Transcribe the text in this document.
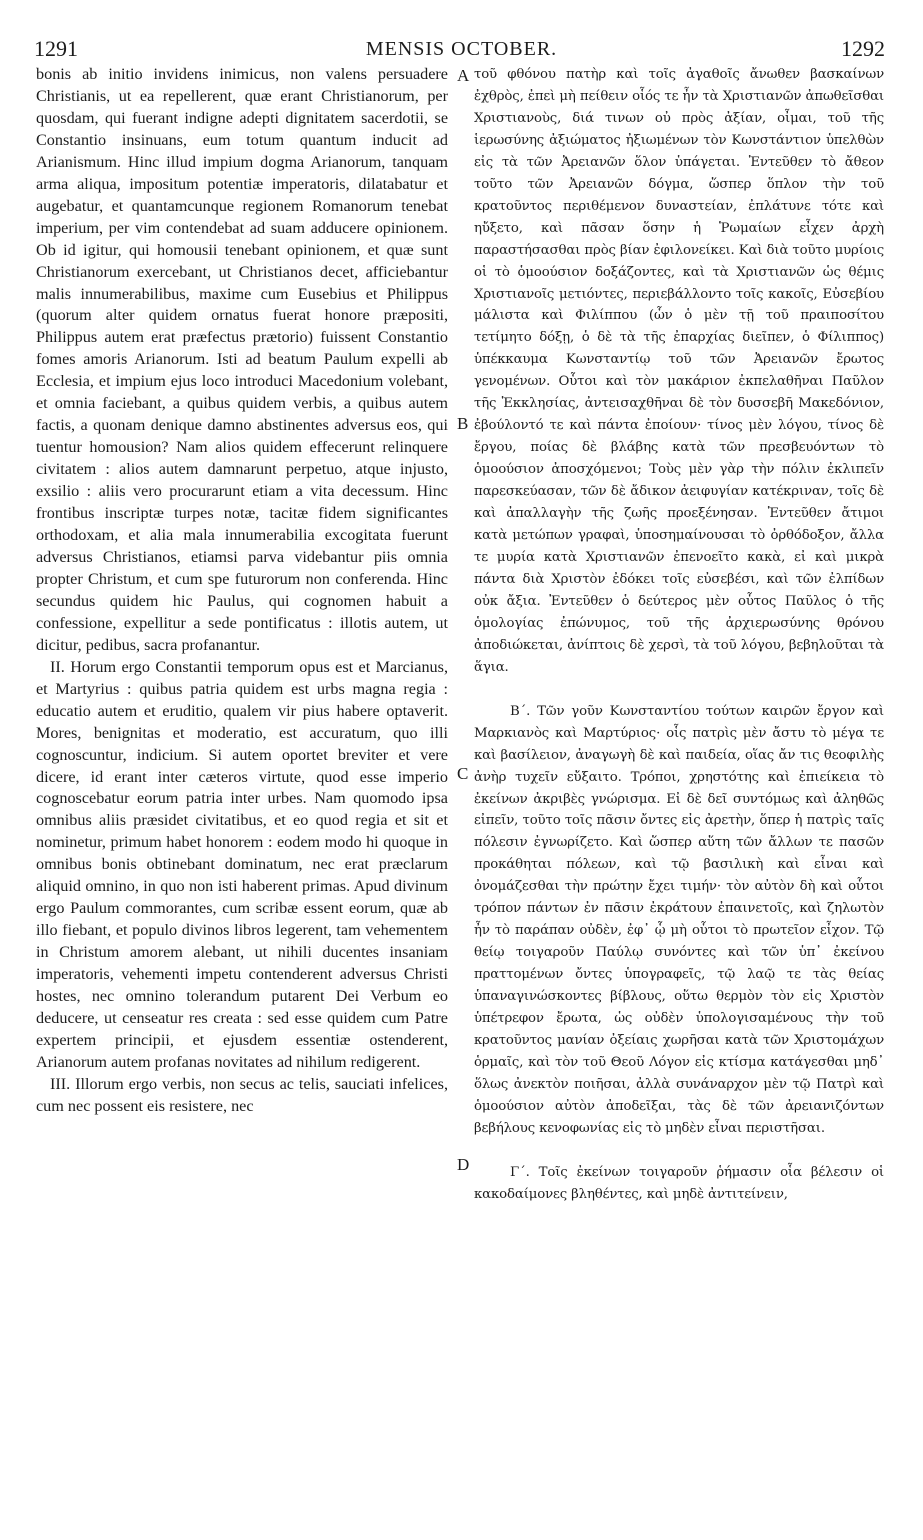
1291	MENSIS OCTOBER.	1292

bonis ab initio invidens inimicus, non valens persuadere Christianis, ut ea repellerent, quæ erant Christianorum, per quosdam, qui fuerant indigne adepti dignitatem sacerdotii, se Constantio insinuans, eum totum quantum inducit ad Arianismum. Hinc illud impium dogma Arianorum, tanquam arma aliqua, impositum potentiæ imperatoris, dilatabatur et augebatur, et quantamcunque regionem Romanorum tenebat imperium, per vim contendebat ad suam adducere opinionem. Ob id igitur, qui homousii tenebant opinionem, et quæ sunt Christianorum exercebant, ut Christianos decet, afficiebantur malis innumerabilibus, maxime cum Eusebius et Philippus (quorum alter quidem ornatus fuerat honore præpositi, Philippus autem erat præfectus prætorio) fuissent Constantio fomes amoris Arianorum. Isti ad beatum Paulum expelli ab Ecclesia, et impium ejus loco introduci Macedonium volebant, et omnia faciebant, a quibus quidem verbis, a quibus autem factis, a quonam denique damno abstinentes adversus eos, qui tuentur homousion? Nam alios quidem effecerunt relinquere civitatem : alios autem damnarunt perpetuo, atque injusto, exsilio : aliis vero procurarunt etiam a vita decessum. Hinc frontibus inscriptæ turpes notæ, tacitæ fidem significantes orthodoxam, et alia mala innumerabilia excogitata fuerunt adversus Christianos, etiamsi parva videbantur piis omnia propter Christum, et cum spe futurorum non conferenda. Hinc secundus quidem hic Paulus, qui cognomen habuit a confessione, expellitur a sede pontificatus : illotis autem, ut dicitur, pedibus, sacra profanantur.

II. Horum ergo Constantii temporum opus est et Marcianus, et Martyrius : quibus patria quidem est urbs magna regia : educatio autem et eruditio, qualem vir pius habere optaverit. Mores, benignitas et moderatio, est accuratum, quo illi cognoscuntur, indicium. Si autem oportet breviter et vere dicere, id erant inter cæteros virtute, quod esse imperio cognoscebatur eorum patria inter urbes. Nam quomodo ipsa omnibus aliis præsidet civitatibus, et eo quod regia et sit et nominetur, primum habet honorem : eodem modo hi quoque in omnibus bonis obtinebant dominatum, nec erat præclarum aliquid omnino, in quo non isti haberent primas. Apud divinum ergo Paulum commorantes, cum scribæ essent eorum, quæ ab illo fiebant, et populo divinos libros legerent, tam vehementem in Christum amorem alebant, ut nihili ducentes insaniam imperatoris, vehementi impetu contenderent adversus Christi hostes, nec omnino tolerandum putarent Dei Verbum eo deducere, ut censeatur res creata : sed esse quidem cum Patre expertem principii, et ejusdem essentiæ ostenderent, Arianorum autem profanas novitates ad nihilum redigerent.

III. Illorum ergo verbis, non secus ac telis, sauciati infelices, cum nec possent eis resistere, nec

A
B
C
D

τοῦ φθόνου πατὴρ καὶ τοῖς ἀγαθοῖς ἄνωθεν βασκαίνων ἐχθρὸς, ἐπεὶ μὴ πείθειν οἷός τε ἦν τὰ Χριστιανῶν ἀπωθεῖσθαι Χριστιανοὺς, διά τινων οὐ πρὸς ἀξίαν, οἶμαι, τοῦ τῆς ἱερωσύνης ἀξιώματος ἠξιωμένων τὸν Κωνστάντιον ὑπελθὼν εἰς τὰ τῶν Ἀρειανῶν ὅλον ὑπάγεται. Ἐντεῦθεν τὸ ἄθεον τοῦτο τῶν Ἀρειανῶν δόγμα, ὥσπερ ὅπλον τὴν τοῦ κρατοῦντος περιθέμενον δυναστείαν, ἐπλάτυνε τότε καὶ ηὔξετο, καὶ πᾶσαν ὅσην ἡ Ῥωμαίων εἶχεν ἀρχὴ παραστήσασθαι πρὸς βίαν ἐφιλονείκει. Καὶ διὰ τοῦτο μυρίοις οἱ τὸ ὁμοούσιον δοξάζοντες, καὶ τὰ Χριστιανῶν ὡς θέμις Χριστιανοῖς μετιόντες, περιεβάλλοντο τοῖς κακοῖς, Εὐσεβίου μάλιστα καὶ Φιλίππου (ὧν ὁ μὲν τῇ τοῦ πραιποσίτου τετίμητο δόξῃ, ὁ δὲ τὰ τῆς ἐπαρχίας διεῖπεν, ὁ Φίλιππος) ὑπέκκαυμα Κωνσταντίῳ τοῦ τῶν Ἀρειανῶν ἔρωτος γενομένων. Οὗτοι καὶ τὸν μακάριον ἐκπελαθῆναι Παῦλον τῆς Ἐκκλησίας, ἀντεισαχθῆναι δὲ τὸν δυσσεβῆ Μακεδόνιον, ἐβούλοντό τε καὶ πάντα ἐποίουν· τίνος μὲν λόγου, τίνος δὲ ἔργου, ποίας δὲ βλάβης κατὰ τῶν πρεσβευόντων τὸ ὁμοούσιον ἀποσχόμενοι; Τοὺς μὲν γὰρ τὴν πόλιν ἐκλιπεῖν παρεσκεύασαν, τῶν δὲ ἄδικον ἀειφυγίαν κατέκριναν, τοῖς δὲ καὶ ἀπαλλαγὴν τῆς ζωῆς προεξένησαν. Ἐντεῦθεν ἄτιμοι κατὰ μετώπων γραφαὶ, ὑποσημαίνουσαι τὸ ὀρθόδοξον, ἄλλα τε μυρία κατὰ Χριστιανῶν ἐπενοεῖτο κακὰ, εἰ καὶ μικρὰ πάντα διὰ Χριστὸν ἐδόκει τοῖς εὐσεβέσι, καὶ τῶν ἐλπίδων οὐκ ἄξια. Ἐντεῦθεν ὁ δεύτερος μὲν οὗτος Παῦλος ὁ τῆς ὁμολογίας ἐπώνυμος, τοῦ τῆς ἀρχιερωσύνης θρόνου ἀποδιώκεται, ἀνίπτοις δὲ χερσὶ, τὰ τοῦ λόγου, βεβηλοῦται τὰ ἅγια.

Β΄. Τῶν γοῦν Κωνσταντίου τούτων καιρῶν ἔργον καὶ Μαρκιανὸς καὶ Μαρτύριος· οἷς πατρὶς μὲν ἄστυ τὸ μέγα τε καὶ βασίλειον, ἀναγωγὴ δὲ καὶ παιδεία, οἵας ἄν τις θεοφιλὴς ἀνὴρ τυχεῖν εὔξαιτο. Τρόποι, χρηστότης καὶ ἐπιείκεια τὸ ἐκείνων ἀκριβὲς γνώρισμα. Εἰ δὲ δεῖ συντόμως καὶ ἀληθῶς εἰπεῖν, τοῦτο τοῖς πᾶσιν ὄντες εἰς ἀρετὴν, ὅπερ ἡ πατρὶς ταῖς πόλεσιν ἐγνωρίζετο. Καὶ ὥσπερ αὕτη τῶν ἄλλων τε πασῶν προκάθηται πόλεων, καὶ τῷ βασιλικὴ καὶ εἶναι καὶ ὀνομάζεσθαι τὴν πρώτην ἔχει τιμήν· τὸν αὐτὸν δὴ καὶ οὗτοι τρόπον πάντων ἐν πᾶσιν ἐκράτουν ἐπαινετοῖς, καὶ ζηλωτὸν ἦν τὸ παράπαν οὐδὲν, ἐφ᾽ ᾧ μὴ οὗτοι τὸ πρωτεῖον εἶχον. Τῷ θείῳ τοιγαροῦν Παύλῳ συνόντες καὶ τῶν ὑπ᾽ ἐκείνου πραττομένων ὄντες ὑπογραφεῖς, τῷ λαῷ τε τὰς θείας ὑπαναγινώσκοντες βίβλους, οὕτω θερμὸν τὸν εἰς Χριστὸν ὑπέτρεφον ἔρωτα, ὡς οὐδὲν ὑπολογισαμένους τὴν τοῦ κρατοῦντος μανίαν ὀξείαις χωρῆσαι κατὰ τῶν Χριστομάχων ὁρμαῖς, καὶ τὸν τοῦ Θεοῦ Λόγον εἰς κτίσμα κατάγεσθαι μηδ᾽ ὅλως ἀνεκτὸν ποιῆσαι, ἀλλὰ συνάναρχον μὲν τῷ Πατρὶ καὶ ὁμοούσιον αὐτὸν ἀποδεῖξαι, τὰς δὲ τῶν ἀρειανιζόντων βεβήλους κενοφωνίας εἰς τὸ μηδὲν εἶναι περιστῆσαι.

Γ΄. Τοῖς ἐκείνων τοιγαροῦν ῥήμασιν οἷα βέλεσιν οἱ κακοδαίμονες βληθέντες, καὶ μηδὲ ἀντιτείνειν,
